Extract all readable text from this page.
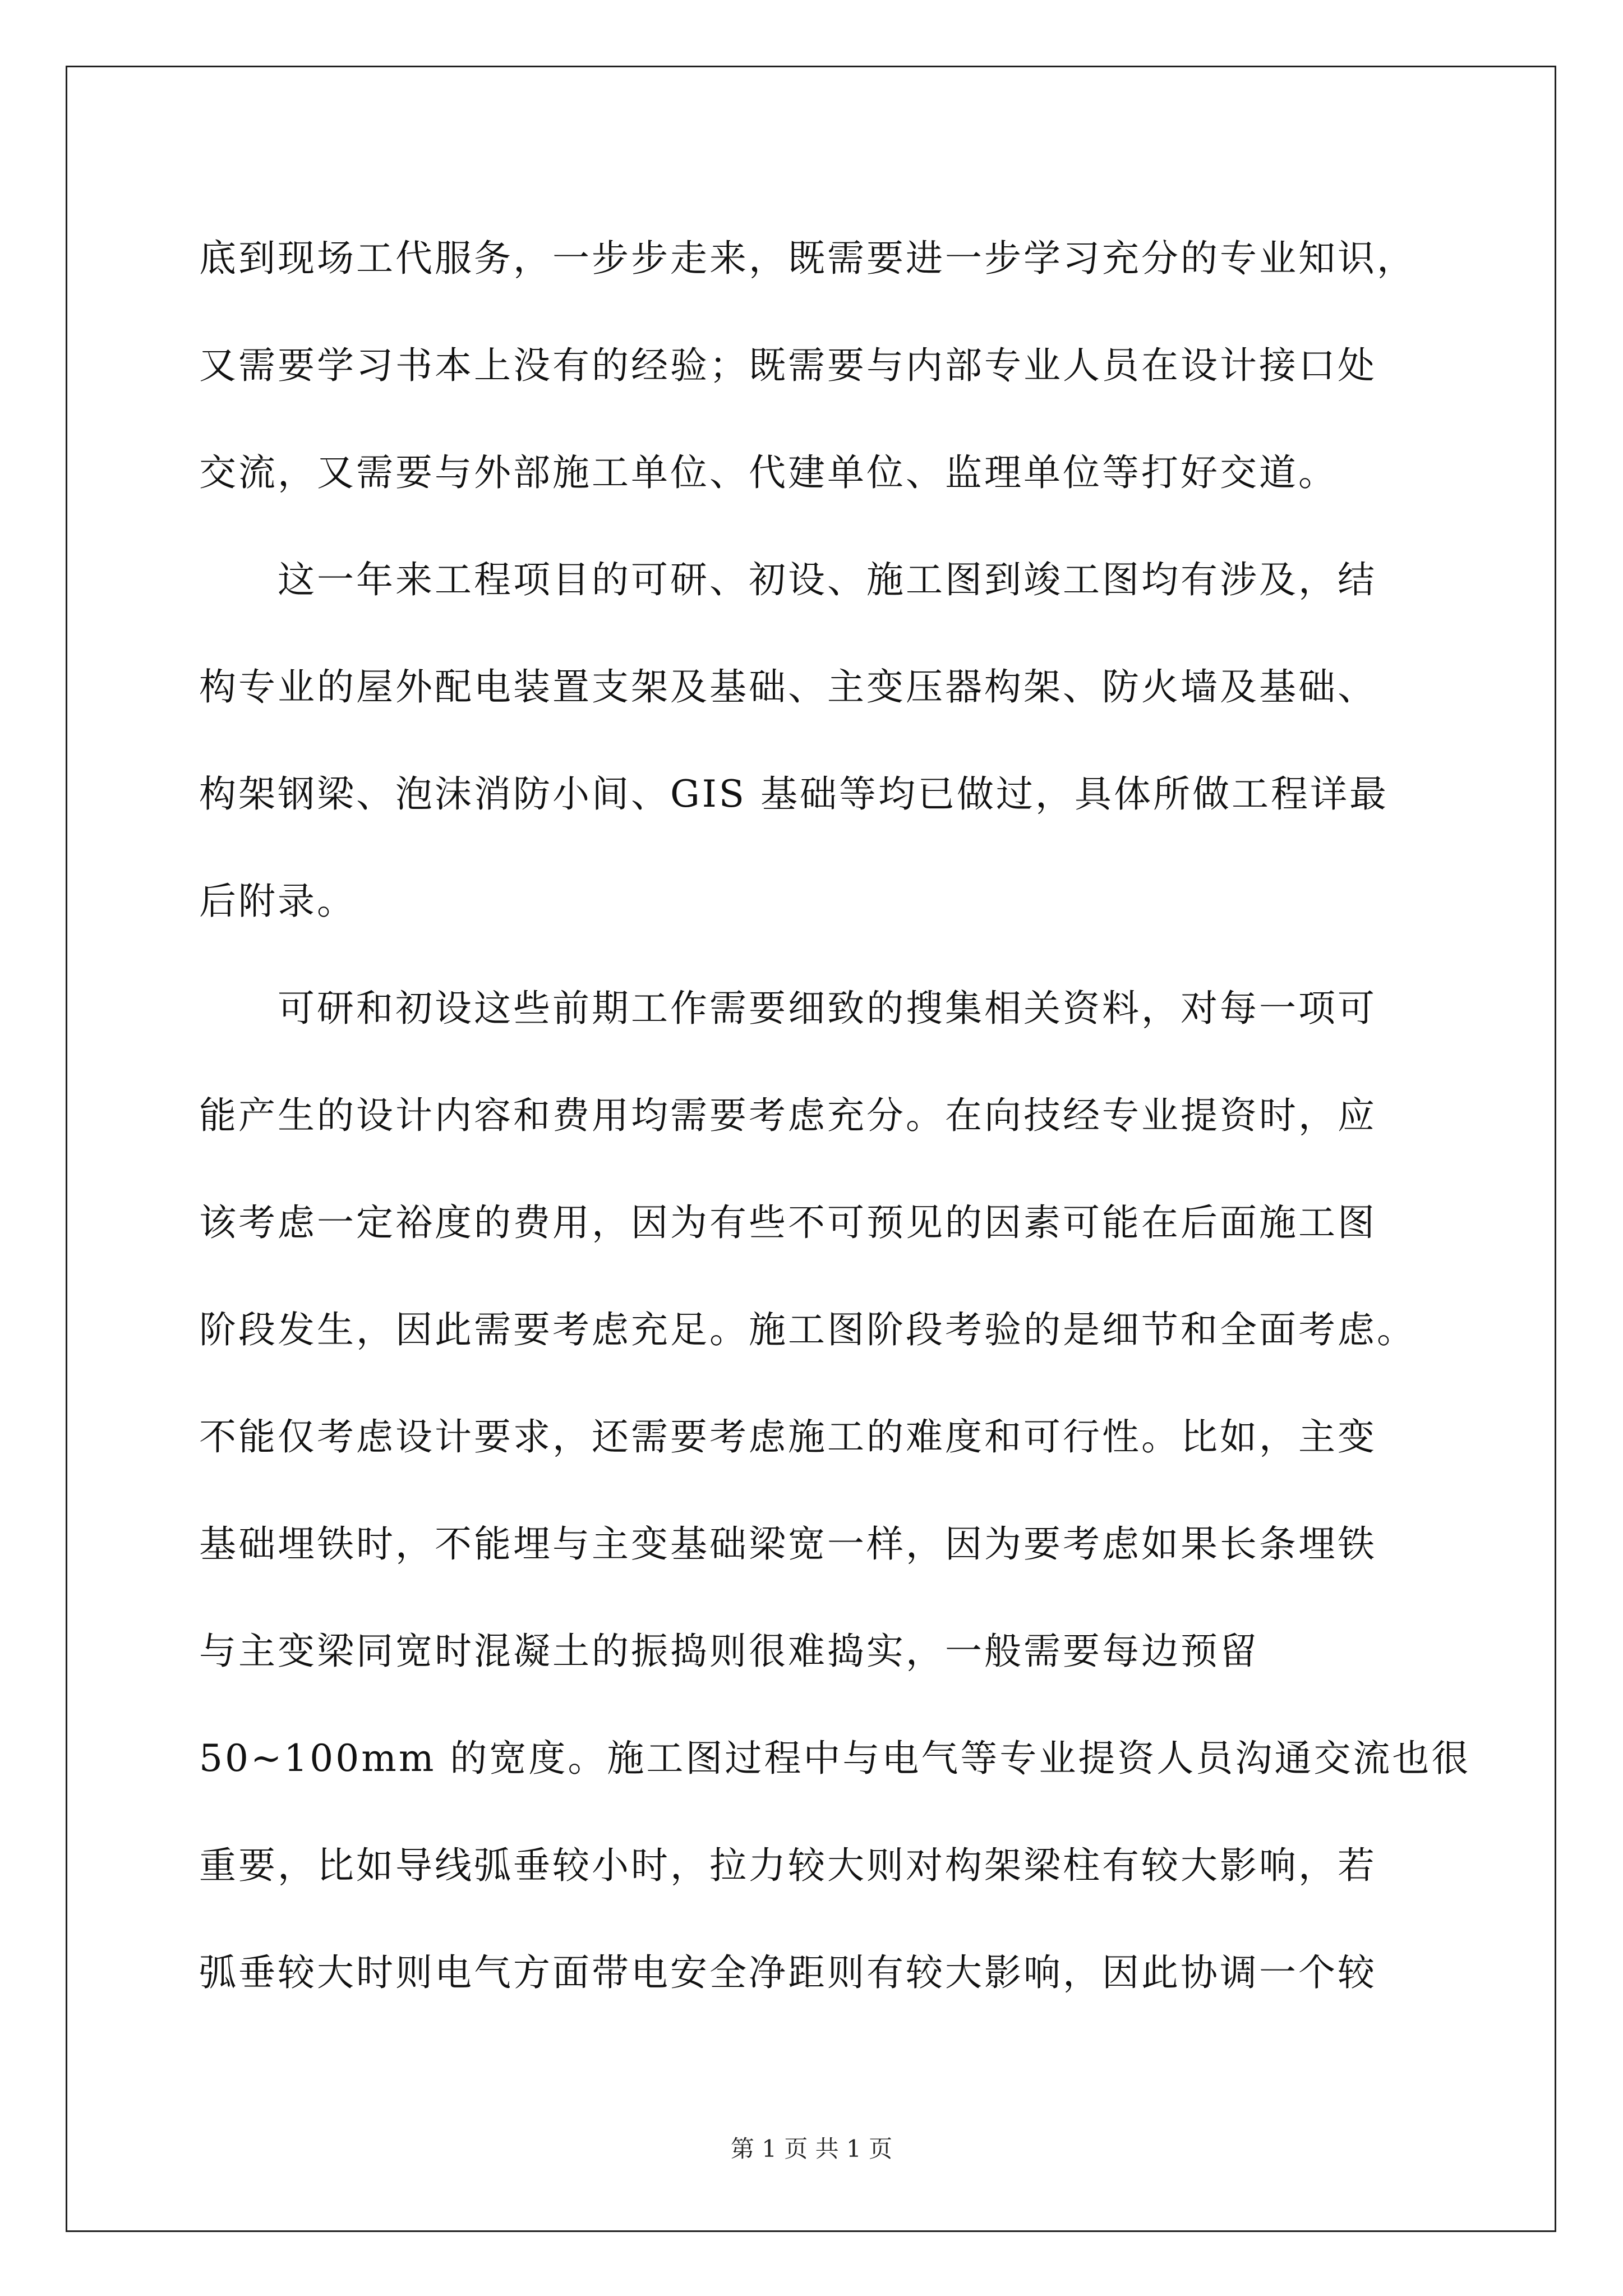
底到现场工代服务，一步步走来，既需要进一步学习充分的专业知识，
又需要学习书本上没有的经验；既需要与内部专业人员在设计接口处
交流，又需要与外部施工单位、代建单位、监理单位等打好交道。
这一年来工程项目的可研、初设、施工图到竣工图均有涉及，结
构专业的屋外配电装置支架及基础、主变压器构架、防火墙及基础、
构架钢梁、泡沫消防小间、GIS 基础等均已做过，具体所做工程详最
后附录。
可研和初设这些前期工作需要细致的搜集相关资料，对每一项可
能产生的设计内容和费用均需要考虑充分。在向技经专业提资时，应
该考虑一定裕度的费用，因为有些不可预见的因素可能在后面施工图
阶段发生，因此需要考虑充足。施工图阶段考验的是细节和全面考虑。
不能仅考虑设计要求，还需要考虑施工的难度和可行性。比如，主变
基础埋铁时，不能埋与主变基础梁宽一样，因为要考虑如果长条埋铁
与主变梁同宽时混凝土的振捣则很难捣实，一般需要每边预留
50~100mm 的宽度。施工图过程中与电气等专业提资人员沟通交流也很
重要，比如导线弧垂较小时，拉力较大则对构架梁柱有较大影响，若
弧垂较大时则电气方面带电安全净距则有较大影响，因此协调一个较
第 1 页 共 1 页
